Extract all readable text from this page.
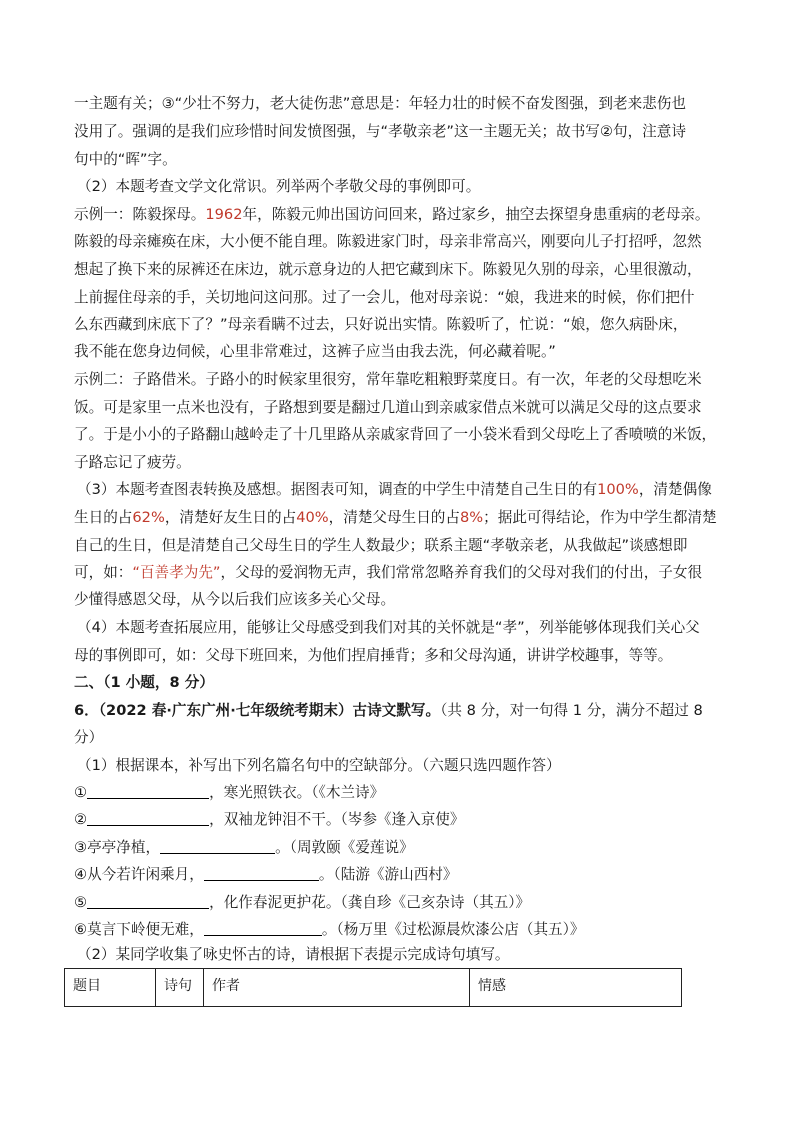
一主题有关；③“少壮不努力，老大徒伤悲”意思是：年轻力壮的时候不奋发图强，到老来悲伤也
没用了。强调的是我们应珍惜时间发愤图强，与“孝敬亲老”这一主题无关；故书写②句，注意诗
句中的“晖”字。
（2）本题考查文学文化常识。列举两个孝敬父母的事例即可。
示例一：陈毅探母。1962年，陈毅元帅出国访问回来，路过家乡，抽空去探望身患重病的老母亲。
陈毅的母亲瘫痪在床，大小便不能自理。陈毅进家门时，母亲非常高兴，刚要向儿子打招呼，忽然
想起了换下来的尿裤还在床边，就示意身边的人把它藏到床下。陈毅见久别的母亲，心里很激动，
上前握住母亲的手，关切地问这问那。过了一会儿，他对母亲说：“娘，我进来的时候，你们把什
么东西藏到床底下了？”母亲看瞒不过去，只好说出实情。陈毅听了，忙说：“娘，您久病卧床，
我不能在您身边伺候，心里非常难过，这裤子应当由我去洗，何必藏着呢。”
示例二：子路借米。子路小的时候家里很穷，常年靠吃粗粮野菜度日。有一次，年老的父母想吃米
饭。可是家里一点米也没有，子路想到要是翻过几道山到亲戚家借点米就可以满足父母的这点要求
了。于是小小的子路翻山越岭走了十几里路从亲戚家背回了一小袋米看到父母吃上了香喷喷的米饭，
子路忘记了疲劳。
（3）本题考查图表转换及感想。据图表可知，调查的中学生中清楚自己生日的有100%，清楚偶像
生日的占62%，清楚好友生日的占40%，清楚父母生日的占8%；据此可得结论，作为中学生都清楚
自己的生日，但是清楚自己父母生日的学生人数最少；联系主题“孝敬亲老，从我做起”谈感想即
可，如：“百善孝为先”，父母的爱润物无声，我们常常忽略养育我们的父母对我们的付出，子女很
少懂得感恩父母，从今以后我们应该多关心父母。
（4）本题考查拓展应用，能够让父母感受到我们对其的关怀就是“孝”，列举能够体现我们关心父
母的事例即可，如：父母下班回来，为他们捏肩捶背；多和父母沟通，讲讲学校趣事，等等。
二、（1 小题，8 分）
6．（2022 春·广东广州·七年级统考期末）古诗文默写。（共 8 分，对一句得 1 分，满分不超过 8
分）
（1）根据课本，补写出下列名篇名句中的空缺部分。（六题只选四题作答）
①	，寒光照铁衣。（《木兰诗》
②	，双袖龙钟泪不干。（岑参《逢入京使》
③亭亭净植，	。（周敦颐《爱莲说》
④从今若许闲乘月，	。（陆游《游山西村》
⑤	，化作春泥更护花。（龚自珍《己亥杂诗（其五）》
⑥莫言下岭便无难，	。（杨万里《过松源晨炊漆公店（其五）》
（2）某同学收集了咏史怀古的诗，请根据下表提示完成诗句填写。
题目	诗句	作者	情感
